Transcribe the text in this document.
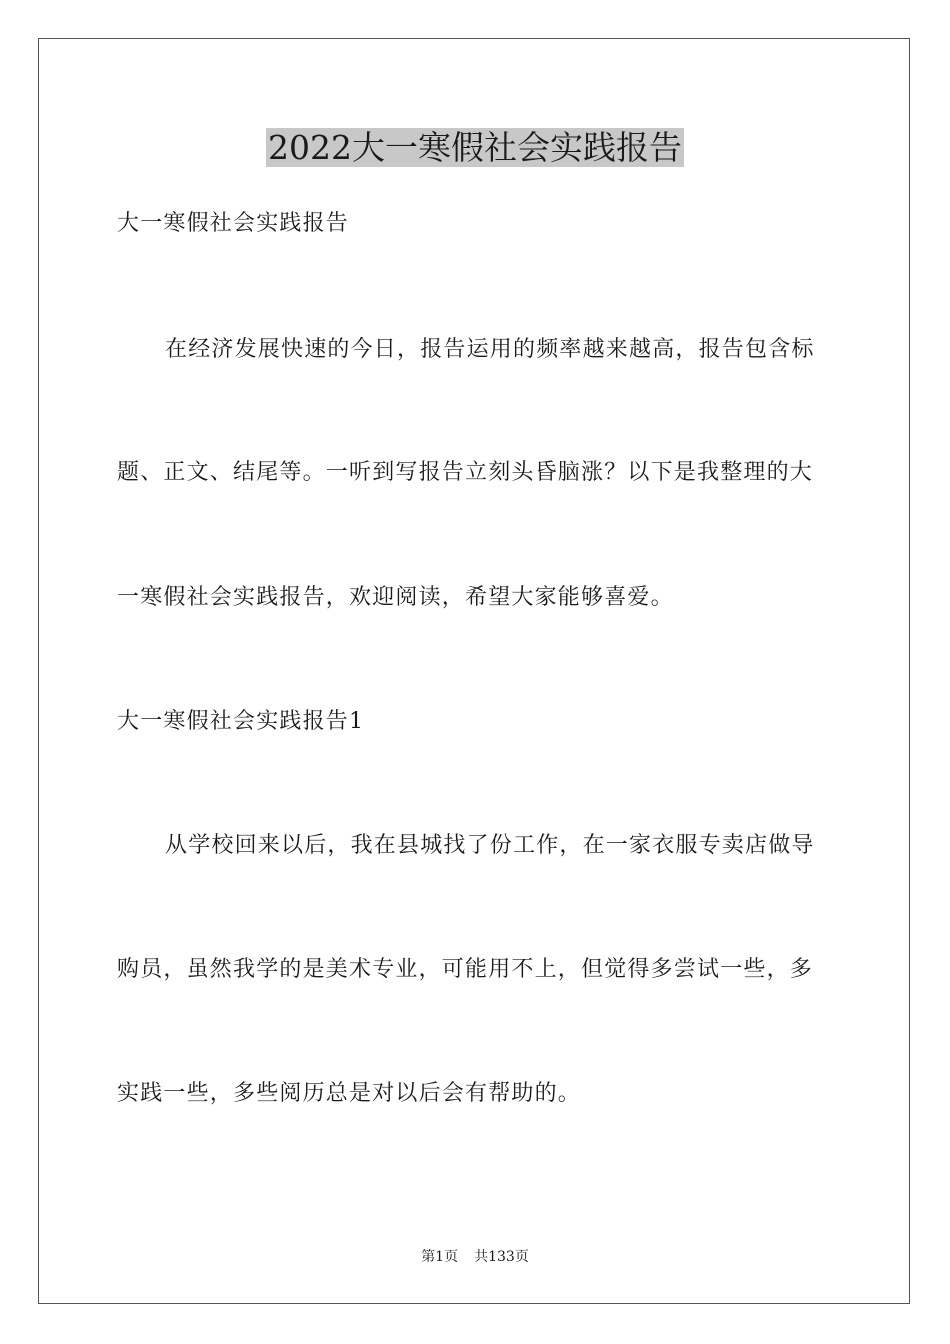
2022大一寒假社会实践报告
大一寒假社会实践报告
在经济发展快速的今日，报告运用的频率越来越高，报告包含标
题、正文、结尾等。一听到写报告立刻头昏脑涨？以下是我整理的大
一寒假社会实践报告，欢迎阅读，希望大家能够喜爱。
大一寒假社会实践报告1
从学校回来以后，我在县城找了份工作，在一家衣服专卖店做导
购员，虽然我学的是美术专业，可能用不上，但觉得多尝试一些，多
实践一些，多些阅历总是对以后会有帮助的。
第1页 共133页
